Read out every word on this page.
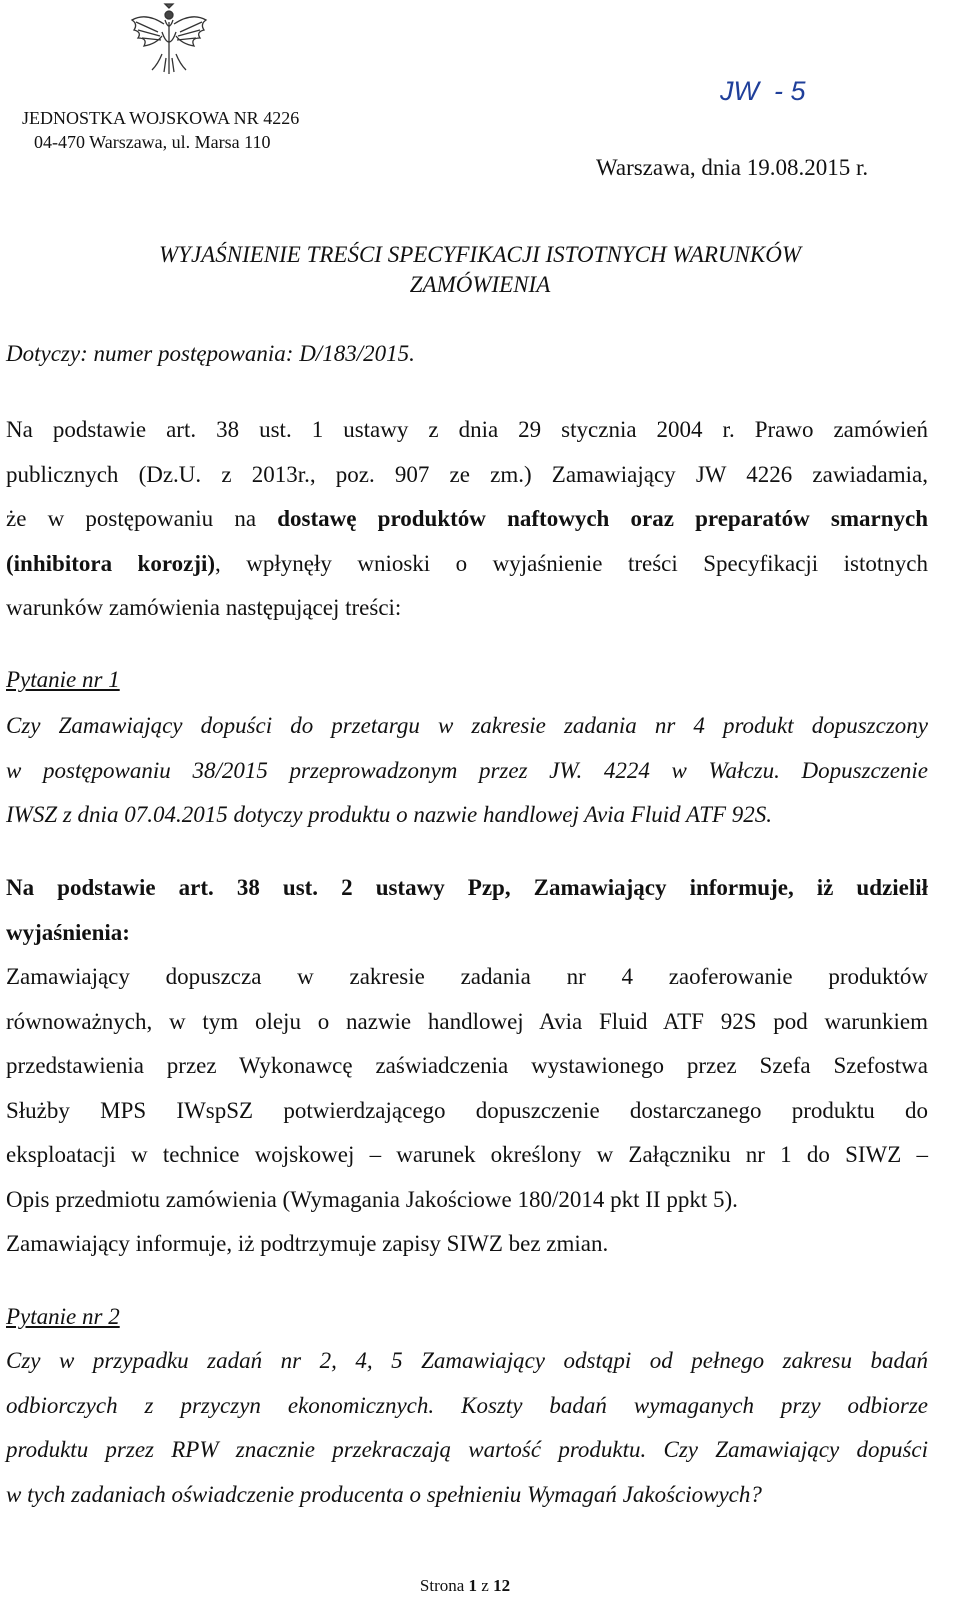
JEDNOSTKA WOJSKOWA NR 4226
04-470 Warszawa, ul. Marsa 110
JW  - 5
Warszawa, dnia 19.08.2015 r.
WYJAŚNIENIE TREŚCI SPECYFIKACJI ISTOTNYCH WARUNKÓW
ZAMÓWIENIA
Dotyczy: numer postępowania: D/183/2015.
Na podstawie art. 38 ust. 1 ustawy z dnia 29 stycznia 2004 r. Prawo zamówień
publicznych (Dz.U. z 2013r., poz. 907 ze zm.) Zamawiający JW 4226 zawiadamia,
że w postępowaniu na dostawę produktów naftowych oraz preparatów smarnych
(inhibitora korozji), wpłynęły wnioski o wyjaśnienie treści Specyfikacji istotnych
warunków zamówienia następującej treści:
Pytanie nr 1
Czy Zamawiający dopuści do przetargu w zakresie zadania nr 4 produkt dopuszczony
w postępowaniu 38/2015 przeprowadzonym przez JW. 4224 w Wałczu. Dopuszczenie
IWSZ z dnia 07.04.2015 dotyczy produktu o nazwie handlowej Avia Fluid ATF 92S.
Na podstawie art. 38 ust. 2 ustawy Pzp, Zamawiający informuje, iż udzielił
wyjaśnienia:
Zamawiający dopuszcza w zakresie zadania nr 4 zaoferowanie produktów
równoważnych, w tym oleju o nazwie handlowej Avia Fluid ATF 92S pod warunkiem
przedstawienia przez Wykonawcę zaświadczenia wystawionego przez Szefa Szefostwa
Służby MPS IWspSZ potwierdzającego dopuszczenie dostarczanego produktu do
eksploatacji w technice wojskowej – warunek określony w Załączniku nr 1 do SIWZ –
Opis przedmiotu zamówienia (Wymagania Jakościowe 180/2014 pkt II ppkt 5).
Zamawiający informuje, iż podtrzymuje zapisy SIWZ bez zmian.
Pytanie nr 2
Czy w przypadku zadań nr 2, 4, 5 Zamawiający odstąpi od pełnego zakresu badań
odbiorczych z przyczyn ekonomicznych. Koszty badań wymaganych przy odbiorze
produktu przez RPW znacznie przekraczają wartość produktu. Czy Zamawiający dopuści
w tych zadaniach oświadczenie producenta o spełnieniu Wymagań Jakościowych?
Strona 1 z 12
